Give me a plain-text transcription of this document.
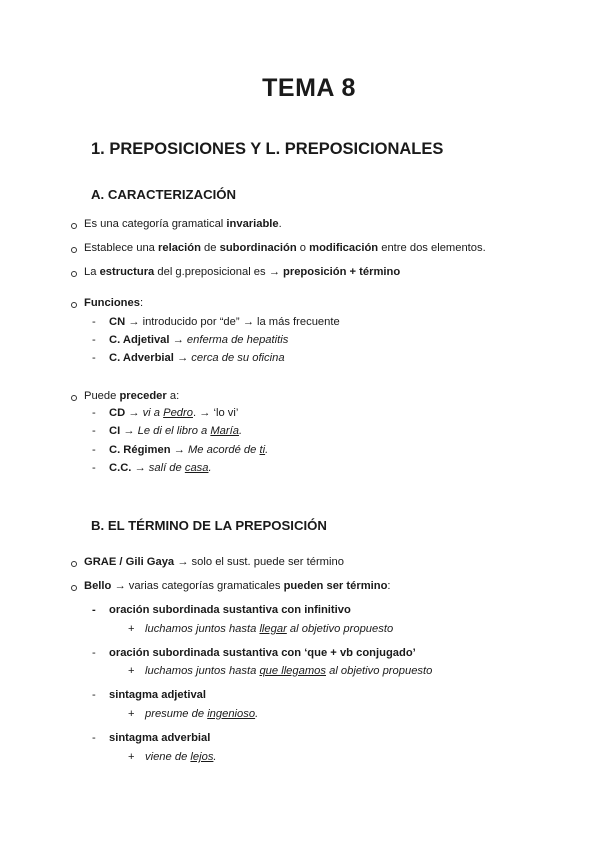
TEMA 8
1. PREPOSICIONES Y L. PREPOSICIONALES
A. CARACTERIZACIÓN
Es una categoría gramatical invariable.
Establece una relación de subordinación o modificación entre dos elementos.
La estructura del g.preposicional es → preposición + término
Funciones:
- CN → introducido por “de” → la más frecuente
- C. Adjetival → enferma de hepatitis
- C. Adverbial → cerca de su oficina
Puede preceder a:
- CD → vi a Pedro. → ‘lo vi’
- CI → Le di el libro a María.
- C. Régimen → Me acordé de ti.
- C.C. → salí de casa.
B. EL TÉRMINO DE LA PREPOSICIÓN
GRAE / Gili Gaya → solo el sust. puede ser término
Bello → varias categorías gramaticales pueden ser término:
- oración subordinada sustantiva con infinitivo
+ luchamos juntos hasta llegar al objetivo propuesto
- oración subordinada sustantiva con ‘que + vb conjugado’
+ luchamos juntos hasta que llegamos al objetivo propuesto
- sintagma adjetival
+ presume de ingenioso.
- sintagma adverbial
+ viene de lejos.
